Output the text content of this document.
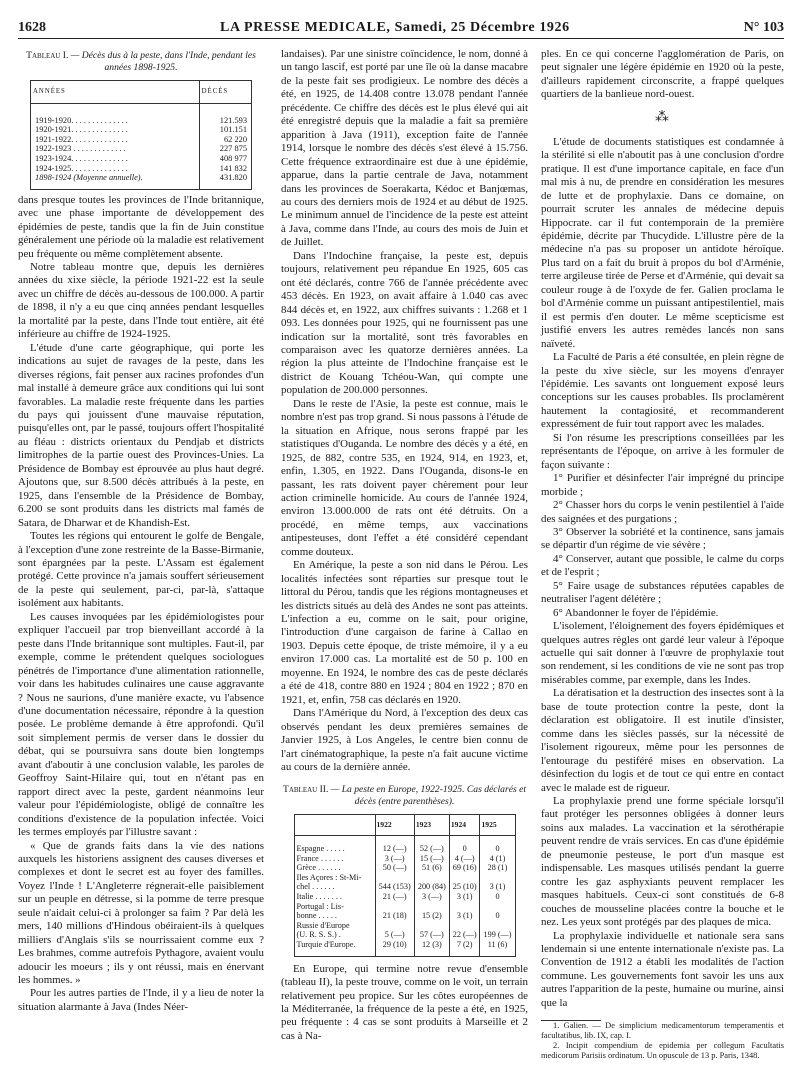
1628	LA PRESSE MEDICALE, Samedi, 25 Décembre 1926	N° 103
Tableau I. — Décès dus à la peste, dans l'Inde, pendant les années 1898-1925.
ANNÉES	DÉCÈS
1919-1920. . . . . . . . . . . . . .	121.593
1920-1921. . . . . . . . . . . . . .	101.151
1921-1922. . . . . . . . . . . . . .	62 220
1922-1923 . . . . . . . . . . . . .	227 875
1923-1924. . . . . . . . . . . . . .	408 977
1924-1925. . . . . . . . . . . . . .	141 832
1898-1924 (Moyenne annuelle).	431.820

dans presque toutes les provinces de l'Inde britannique, avec une phase importante de développement des épidémies de peste, tandis que la fin de Juin constitue généralement une période où la maladie est relativement peu fréquente ou même complètement absente.

Notre tableau montre que, depuis les dernières années du xixe siècle, la période 1921-22 est la seule avec un chiffre de décès au-dessous de 100.000. A partir de 1898, il n'y a eu que cinq années pendant lesquelles la mortalité par la peste, dans l'Inde tout entière, ait été inférieure au chiffre de 1924-1925.

L'étude d'une carte géographique, qui porte les indications au sujet de ravages de la peste, dans les diverses régions, fait penser aux racines profondes d'un mal installé à demeure grâce aux conditions qui lui sont favorables. La maladie reste fréquente dans les parties du pays qui jouissent d'une mauvaise réputation, puisqu'elles ont, par le passé, toujours offert l'hospitalité au fléau : districts orientaux du Pendjab et districts limitrophes de la partie ouest des Provinces-Unies. La Présidence de Bombay est éprouvée au plus haut degré. Ajoutons que, sur 8.500 décès attribués à la peste, en 1925, dans l'ensemble de la Présidence de Bombay, 6.200 se sont produits dans les districts mal famés de Satara, de Dharwar et de Khandish-Est.

Toutes les régions qui entourent le golfe de Bengale, à l'exception d'une zone restreinte de la Basse-Birmanie, sont épargnées par la peste. L'Assam est également protégé. Cette province n'a jamais souffert sérieusement de la peste qui seulement, par-ci, par-là, s'attaque isolément aux habitants.

Les causes invoquées par les épidémiologistes pour expliquer l'accueil par trop bienveillant accordé à la peste dans l'Inde britannique sont multiples. Faut-il, par exemple, comme le prétendent quelques sociologues pénétrés de l'importance d'une alimentation rationnelle, voir dans les habitudes culinaires une cause aggravante ? Nous ne saurions, d'une manière exacte, vu l'absence d'une documentation nécessaire, répondre à la question posée. Le problème demande à être approfondi. Qu'il soit simplement permis de verser dans le dossier du débat, qui se poursuivra sans doute bien longtemps avant d'aboutir à une conclusion valable, les paroles de Geoffroy Saint-Hilaire qui, tout en n'étant pas en rapport direct avec la peste, gardent néanmoins leur valeur pour l'épidémiologiste, obligé de connaître les conditions d'existence de la population infectée. Voici les termes employés par l'illustre savant :

« Que de grands faits dans la vie des nations auxquels les historiens assignent des causes diverses et complexes et dont le secret est au foyer des familles. Voyez l'Inde ! L'Angleterre régnerait-elle paisiblement sur un peuple en détresse, si la pomme de terre presque seule n'aidait celui-ci à prolonger sa faim ? Par delà les mers, 140 millions d'Hindous obéiraient-ils à quelques milliers d'Anglais s'ils se nourrissaient comme eux ? Les brahmes, comme autrefois Pythagore, avaient voulu adoucir les moeurs ; ils y ont réussi, mais en énervant les hommes. »

Pour les autres parties de l'Inde, il y a lieu de noter la situation alarmante à Java (Indes Néer-

landaises). Par une sinistre coïncidence, le nom, donné à un tango lascif, est porté par une île où la danse macabre de la peste fait ses prodigieux. Le nombre des décès a été, en 1925, de 14.408 contre 13.078 pendant l'année précédente. Ce chiffre des décès est le plus élevé qui ait été enregistré depuis que la maladie a fait sa première apparition à Java (1911), exception faite de l'année 1914, lorsque le nombre des décès s'est élevé à 15.756. Cette fréquence extraordinaire est due à une épidémie, apparue, dans la partie centrale de Java, notamment dans les provinces de Soerakarta, Kédoc et Banjœmas, au cours des derniers mois de 1924 et au début de 1925. Le minimum annuel de l'incidence de la peste est atteint à Java, comme dans l'Inde, au cours des mois de Juin et de Juillet.

Dans l'Indochine française, la peste est, depuis toujours, relativement peu répandue En 1925, 605 cas ont été déclarés, contre 766 de l'année précédente avec 453 décès. En 1923, on avait affaire à 1.040 cas avec 844 décès et, en 1922, aux chiffres suivants : 1.268 et 1 093. Les données pour 1925, qui ne fournissent pas une indication sur la mortalité, sont très favorables en comparaison avec les quatorze dernières années. La région la plus atteinte de l'Indochine française est le district de Kouang Tchéou-Wan, qui compte une population de 200.000 personnes.

Dans le reste de l'Asie, la peste est connue, mais le nombre n'est pas trop grand. Si nous passons à l'étude de la situation en Afrique, nous serons frappé par les statistiques d'Ouganda. Le nombre des décès y a été, en 1925, de 882, contre 535, en 1924, 914, en 1923, et, enfin, 1.305, en 1922. Dans l'Ouganda, disons-le en passant, les rats doivent payer chèrement pour leur action criminelle homicide. Au cours de l'année 1924, environ 13.000.000 de rats ont été détruits. On a procédé, en même temps, aux vaccinations antipesteuses, dont l'effet a été considéré cependant comme douteux.

En Amérique, la peste a son nid dans le Pérou. Les localités infectées sont réparties sur presque tout le littoral du Pérou, tandis que les régions montagneuses et les districts situés au delà des Andes ne sont pas atteints. L'infection a eu, comme on le sait, pour origine, l'introduction d'une cargaison de farine à Callao en 1903. Depuis cette époque, de triste mémoire, il y a eu environ 17.000 cas. La mortalité est de 50 p. 100 en moyenne. En 1924, le nombre des cas de peste déclarés a été de 418, contre 880 en 1924 ; 804 en 1922 ; 870 en 1921, et, enfin, 758 cas déclarés en 1920.

Dans l'Amérique du Nord, à l'exception des deux cas observés pendant les deux premières semaines de Janvier 1925, à Los Angeles, le centre bien connu de l'art cinématographique, la peste n'a fait aucune victime au cours de la dernière année.

Tableau II. — La peste en Europe, 1922-1925. Cas déclarés et décès (entre parenthèses).
	1922	1923	1924	1925
Espagne . . . . .	12 (—)	52 (—)	0	0
France . . . . . .	3 (—)	15 (—)	4 (—)	4 (1)
Grèce . . . . . .	50 (—)	51 (6)	69 (16)	28 (1)
Iles Açores : St-Mi-				
chel . . . . . .	544 (153)	200 (84)	25 (10)	3 (1)
Italie . . . . . . .	21 (—)	3 (—)	3 (1)	0
Portugal : Lis-				
bonne . . . . .	21 (18)	15 (2)	3 (1)	0
Russie d'Europe				
(U. R. S. S.) .	5 (—)	57 (—)	22 (—)	199 (—)
Turquie d'Europe.	29 (10)	12 (3)	7 (2)	11 (6)

En Europe, qui termine notre revue d'ensemble (tableau II), la peste trouve, comme on le voit, un terrain relativement peu propice. Sur les côtes européennes de la Méditerranée, la fréquence de la peste a été, en 1925, peu fréquente : 4 cas se sont produits à Marseille et 2 cas à Na-

ples. En ce qui concerne l'agglomération de Paris, on peut signaler une légère épidémie en 1920 où la peste, d'ailleurs rapidement circonscrite, a frappé quelques quartiers de la banlieue nord-ouest.

⁂

L'étude de documents statistiques est condamnée à la stérilité si elle n'aboutit pas à une conclusion d'ordre pratique. Il est d'une importance capitale, en face d'un mal mis à nu, de prendre en considération les mesures de lutte et de prophylaxie. Dans ce domaine, on pourrait scruter les annales de médecine depuis Hippocrate. car il fut contemporain de la première épidémie, décrite par Thucydide. L'illustre père de la médecine n'a pas su proposer un antidote héroïque. Plus tard on a fait du bruit à propos du bol d'Arménie, terre argileuse tirée de Perse et d'Arménie, qui devait sa couleur rouge à de l'oxyde de fer. Galien proclama le bol d'Arménie comme un puissant antipestilentiel, mais il est permis d'en douter. Le même scepticisme est justifié envers les autres remèdes lancés non sans naïveté.

La Faculté de Paris a été consultée, en plein règne de la peste du xive siècle, sur les moyens d'enrayer l'épidémie. Les savants ont longuement exposé leurs conceptions sur les causes probables. Ils proclamèrent hautement la contagiosité, et recommanderent expressément de fuir tout rapport avec les malades.

Si l'on résume les prescriptions conseillées par les représentants de l'époque, on arrive à les formuler de façon suivante :

1° Purifier et désinfecter l'air imprégné du principe morbide ;

2° Chasser hors du corps le venin pestilentiel à l'aide des saignées et des purgations ;

3° Observer la sobriété et la continence, sans jamais se départir d'un régime de vie sévère ;

4° Conserver, autant que possible, le calme du corps et de l'esprit ;

5° Faire usage de substances réputées capables de neutraliser l'agent délétère ;

6° Abandonner le foyer de l'épidémie.

L'isolement, l'éloignement des foyers épidémiques et quelques autres règles ont gardé leur valeur à l'époque actuelle qui sait donner à l'œuvre de prophylaxie tout son rendement, si les conditions de vie ne sont pas trop misérables comme, par exemple, dans les Indes.

La dératisation et la destruction des insectes sont à la base de toute protection contre la peste, dont la déclaration est obligatoire. Il est inutile d'insister, comme dans les siècles passés, sur la nécessité de l'isolement rigoureux, même pour les personnes de l'entourage du pestiféré mises en observation. La désinfection du logis et de tout ce qui entre en contact avec le malade est de rigueur.

La prophylaxie prend une forme spéciale lorsqu'il faut protéger les personnes obligées à donner leurs soins aux malades. La vaccination et la sérothérapie peuvent rendre de vrais services. En cas d'une épidémie de pneumonie pesteuse, le port d'un masque est indispensable. Les masques utilisés pendant la guerre contre les gaz asphyxiants peuvent remplacer les masques habituels. Ceux-ci sont constitués de 6-8 couches de mousseline placées contre la bouche et le nez. Les yeux sont protégés par des plaques de mica.

La prophylaxie individuelle et nationale sera sans lendemain si une entente internationale n'existe pas. La Convention de 1912 a établi les modalités de l'action commune. Les gouvernements font savoir les uns aux autres l'apparition de la peste, humaine ou murine, ainsi que la

1. Galien. — De simplicium medicamentorum temperamentis et facultatibus, lib. IX, cap. I.

2. Incipit compendium de epidemia per collegum Facultatis medicorum Parisiis ordinatum. Un opuscule de 13 p. Paris, 1348.
